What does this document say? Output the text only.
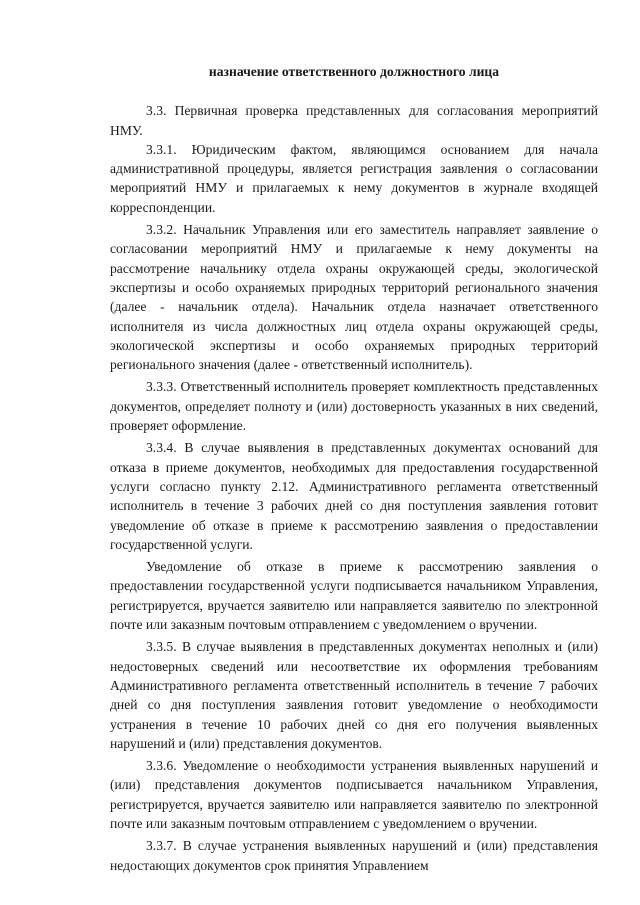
назначение ответственного должностного лица

3.3. Первичная проверка представленных для согласования мероприятий НМУ.

3.3.1. Юридическим фактом, являющимся основанием для начала административной процедуры, является регистрация заявления о согласовании мероприятий НМУ и прилагаемых к нему документов в журнале входящей корреспонденции.

3.3.2. Начальник Управления или его заместитель направляет заявление о согласовании мероприятий НМУ и прилагаемые к нему документы на рассмотрение начальнику отдела охраны окружающей среды, экологической экспертизы и особо охраняемых природных территорий регионального значения (далее - начальник отдела). Начальник отдела назначает ответственного исполнителя из числа должностных лиц отдела охраны окружающей среды, экологической экспертизы и особо охраняемых природных территорий регионального значения (далее - ответственный исполнитель).

3.3.3. Ответственный исполнитель проверяет комплектность представленных документов, определяет полноту и (или) достоверность указанных в них сведений, проверяет оформление.

3.3.4. В случае выявления в представленных документах оснований для отказа в приеме документов, необходимых для предоставления государственной услуги согласно пункту 2.12. Административного регламента ответственный исполнитель в течение 3 рабочих дней со дня поступления заявления готовит уведомление об отказе в приеме к рассмотрению заявления о предоставлении государственной услуги.

Уведомление об отказе в приеме к рассмотрению заявления о предоставлении государственной услуги подписывается начальником Управления, регистрируется, вручается заявителю или направляется заявителю по электронной почте или заказным почтовым отправлением с уведомлением о вручении.

3.3.5. В случае выявления в представленных документах неполных и (или) недостоверных сведений или несоответствие их оформления требованиям Административного регламента ответственный исполнитель в течение 7 рабочих дней со дня поступления заявления готовит уведомление о необходимости устранения в течение 10 рабочих дней со дня его получения выявленных нарушений и (или) представления документов.

3.3.6. Уведомление о необходимости устранения выявленных нарушений и (или) представления документов подписывается начальником Управления, регистрируется, вручается заявителю или направляется заявителю по электронной почте или заказным почтовым отправлением с уведомлением о вручении.

3.3.7. В случае устранения выявленных нарушений и (или) представления недостающих документов срок принятия Управлением
